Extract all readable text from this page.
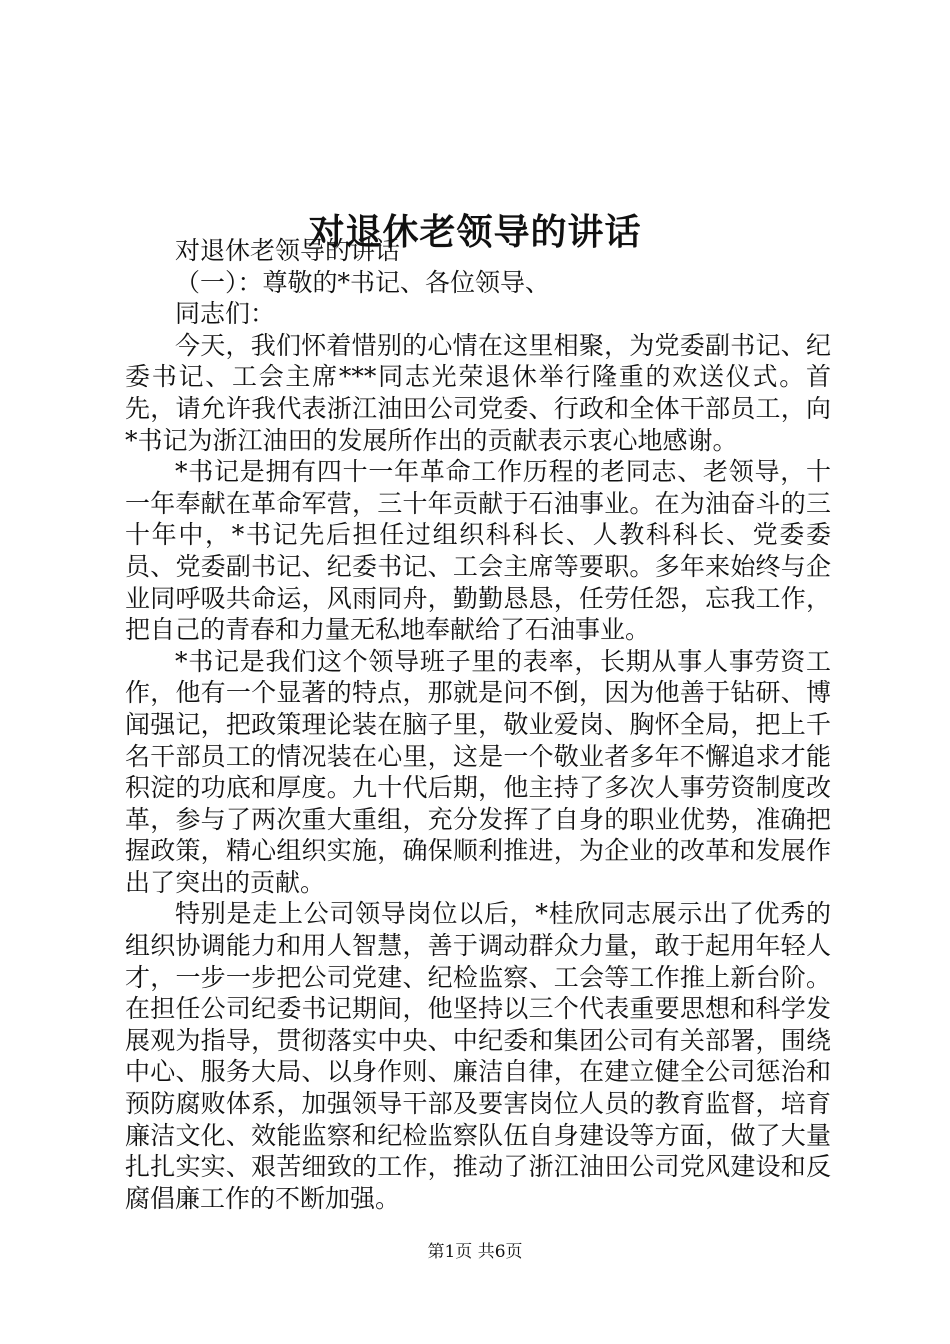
对退休老领导的讲话

对退休老领导的讲话

（一）：尊敬的*书记、各位领导、

同志们：

今天，我们怀着惜别的心情在这里相聚，为党委副书记、纪委书记、工会主席***同志光荣退休举行隆重的欢送仪式。首先，请允许我代表浙江油田公司党委、行政和全体干部员工，向*书记为浙江油田的发展所作出的贡献表示衷心地感谢。

*书记是拥有四十一年革命工作历程的老同志、老领导，十一年奉献在革命军营，三十年贡献于石油事业。在为油奋斗的三十年中，*书记先后担任过组织科科长、人教科科长、党委委员、党委副书记、纪委书记、工会主席等要职。多年来始终与企业同呼吸共命运，风雨同舟，勤勤恳恳，任劳任怨，忘我工作，把自己的青春和力量无私地奉献给了石油事业。

*书记是我们这个领导班子里的表率，长期从事人事劳资工作，他有一个显著的特点，那就是问不倒，因为他善于钻研、博闻强记，把政策理论装在脑子里，敬业爱岗、胸怀全局，把上千名干部员工的情况装在心里，这是一个敬业者多年不懈追求才能积淀的功底和厚度。九十代后期，他主持了多次人事劳资制度改革，参与了两次重大重组，充分发挥了自身的职业优势，准确把握政策，精心组织实施，确保顺利推进，为企业的改革和发展作出了突出的贡献。

特别是走上公司领导岗位以后，*桂欣同志展示出了优秀的组织协调能力和用人智慧，善于调动群众力量，敢于起用年轻人才，一步一步把公司党建、纪检监察、工会等工作推上新台阶。在担任公司纪委书记期间，他坚持以三个代表重要思想和科学发展观为指导，贯彻落实中央、中纪委和集团公司有关部署，围绕中心、服务大局、以身作则、廉洁自律，在建立健全公司惩治和预防腐败体系，加强领导干部及要害岗位人员的教育监督，培育廉洁文化、效能监察和纪检监察队伍自身建设等方面，做了大量扎扎实实、艰苦细致的工作，推动了浙江油田公司党风建设和反腐倡廉工作的不断加强。

第1页 共6页
